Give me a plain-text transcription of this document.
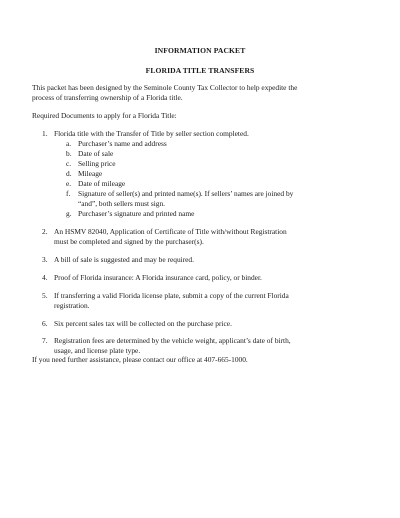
INFORMATION PACKET
FLORIDA TITLE TRANSFERS
This packet has been designed by the Seminole County Tax Collector to help expedite the
process of transferring ownership of a Florida title.
Required Documents to apply for a Florida Title:
1. Florida title with the Transfer of Title by seller section completed.
a. Purchaser’s name and address
b. Date of sale
c. Selling price
d. Mileage
e. Date of mileage
f. Signature of seller(s) and printed name(s). If sellers’ names are joined by
“and”, both sellers must sign.
g. Purchaser’s signature and printed name
2. An HSMV 82040, Application of Certificate of Title with/without Registration
must be completed and signed by the purchaser(s).
3. A bill of sale is suggested and may be required.
4. Proof of Florida insurance: A Florida insurance card, policy, or binder.
5. If transferring a valid Florida license plate, submit a copy of the current Florida
registration.
6. Six percent sales tax will be collected on the purchase price.
7. Registration fees are determined by the vehicle weight, applicant’s date of birth,
usage, and license plate type.
If you need further assistance, please contact our office at 407-665-1000.
